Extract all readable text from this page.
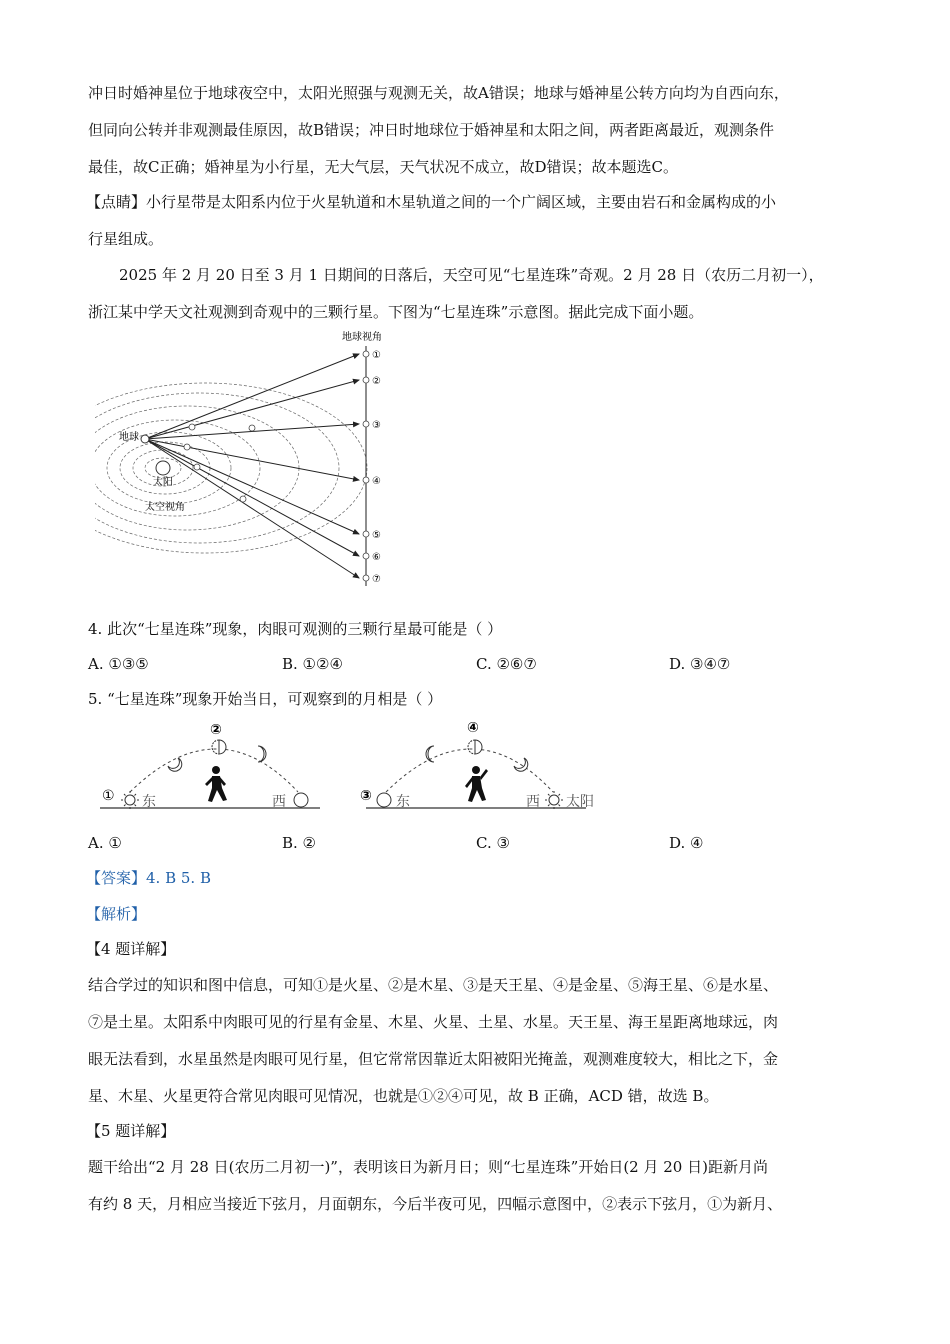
冲日时婚神星位于地球夜空中，太阳光照强与观测无关，故A错误；地球与婚神星公转方向均为自西向东，
但同向公转并非观测最佳原因，故B错误；冲日时地球位于婚神星和太阳之间，两者距离最近，观测条件
最佳，故C正确；婚神星为小行星，无大气层，天气状况不成立，故D错误；故本题选C。
【点睛】小行星带是太阳系内位于火星轨道和木星轨道之间的一个广阔区域，主要由岩石和金属构成的小
行星组成。
2025 年 2 月 20 日至 3 月 1 日期间的日落后，天空可见“七星连珠”奇观。2 月 28 日（农历二月初一），
浙江某中学天文社观测到奇观中的三颗行星。下图为“七星连珠”示意图。据此完成下面小题。
地球视角
地球
太阳
太空视角
①
②
③
④
⑤
⑥
⑦
4. 此次“七星连珠”现象，肉眼可观测的三颗行星最可能是（ ）
A. ①③⑤	B. ①②④	C. ②⑥⑦	D. ③④⑦
5. “七星连珠”现象开始当日，可观察到的月相是（ ）
① 东
②
西	③ 东
④
西 太阳
A. ①	B. ②	C. ③	D. ④
【答案】4. B 5. B
【解析】
【4 题详解】
结合学过的知识和图中信息，可知①是火星、②是木星、③是天王星、④是金星、⑤海王星、⑥是水星、
⑦是土星。太阳系中肉眼可见的行星有金星、木星、火星、土星、水星。天王星、海王星距离地球远，肉
眼无法看到，水星虽然是肉眼可见行星，但它常常因靠近太阳被阳光掩盖，观测难度较大，相比之下，金
星、木星、火星更符合常见肉眼可见情况，也就是①②④可见，故 B 正确，ACD 错，故选 B。
【5 题详解】
题干给出“2 月 28 日(农历二月初一)”，表明该日为新月日；则“七星连珠”开始日(2 月 20 日)距新月尚
有约 8 天，月相应当接近下弦月，月面朝东，今后半夜可见，四幅示意图中，②表示下弦月，①为新月、
